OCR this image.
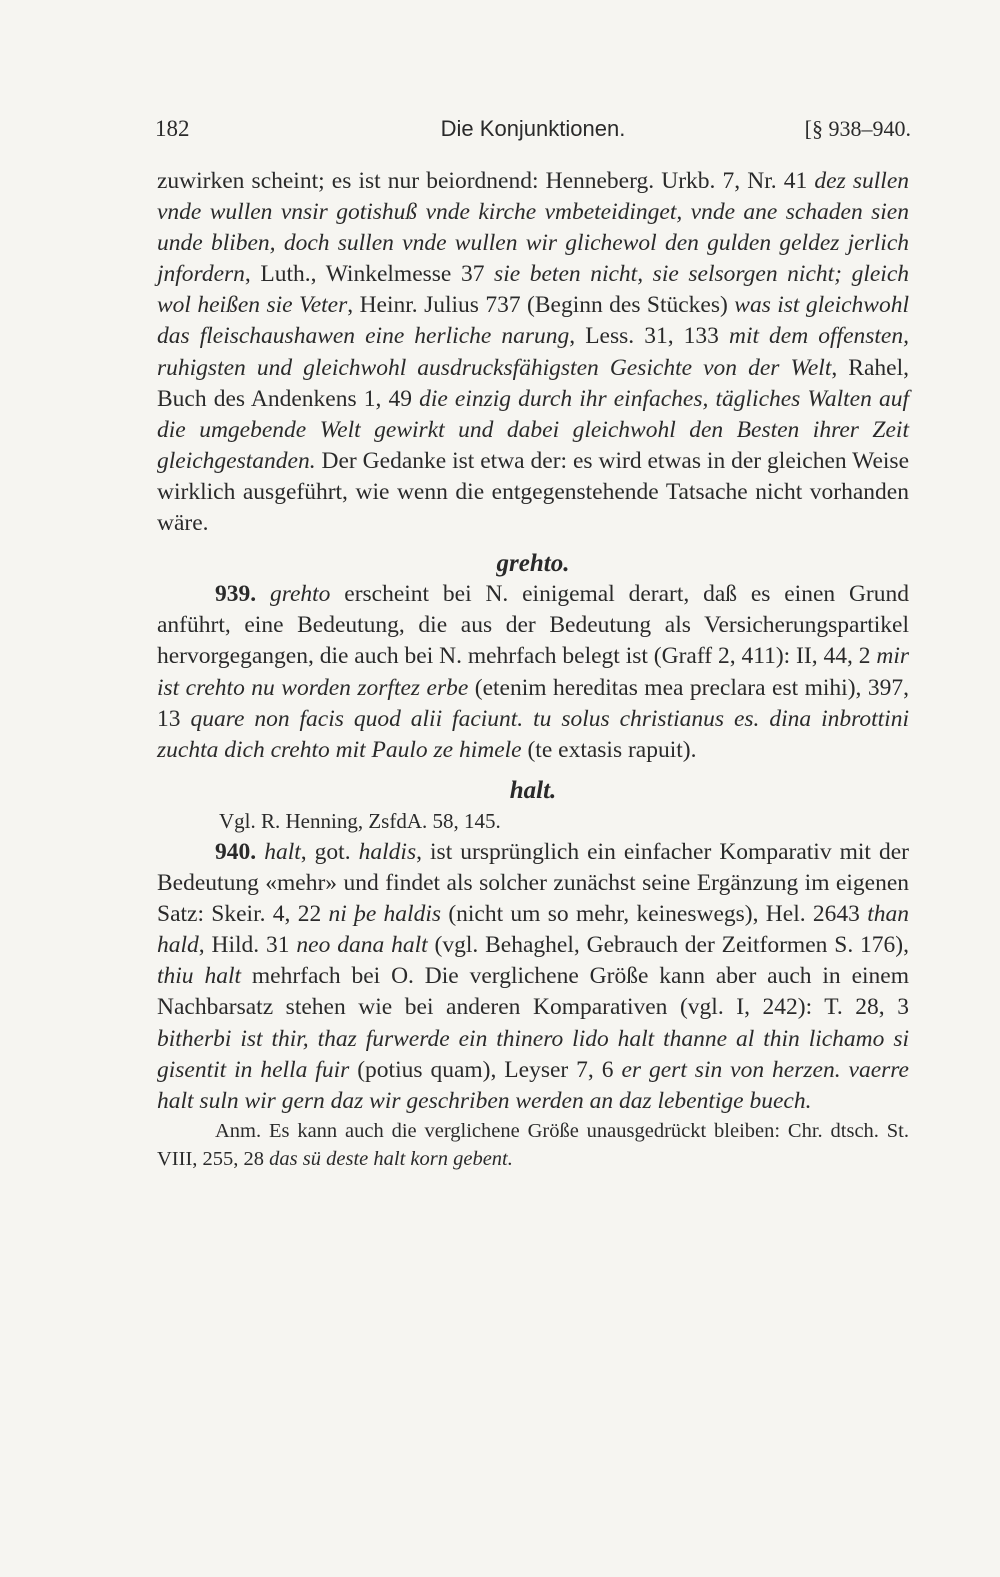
182	Die Konjunktionen.	[§ 938–940.

zuwirken scheint; es ist nur beiordnend: Henneberg. Urkb. 7, Nr. 41 dez sullen vnde wullen vnsir gotishuß vnde kirche vmbeteidinget, vnde ane schaden sien unde blіben, doch sullen vnde wullen wir glichewol den gulden geldez jerlich jnfordern, Luth., Winkelmesse 37 sie beten nicht, sie selsorgen nicht; gleich wol heißen sie Veter, Heinr. Julius 737 (Beginn des Stückes) was ist gleichwohl das fleischaushawen eine herliche narung, Less. 31, 133 mit dem offensten, ruhigsten und gleichwohl ausdrucksfähigsten Gesichte von der Welt, Rahel, Buch des Andenkens 1, 49 die einzig durch ihr einfaches, tägliches Walten auf die umgebende Welt gewirkt und dabei gleichwohl den Besten ihrer Zeit gleichgestanden. Der Gedanke ist etwa der: es wird etwas in der gleichen Weise wirklich ausgeführt, wie wenn die entgegenstehende Tatsache nicht vorhanden wäre.

grehto.

939. grehto erscheint bei N. einigemal derart, daß es einen Grund anführt, eine Bedeutung, die aus der Bedeutung als Versicherungspartikel hervorgegangen, die auch bei N. mehrfach belegt ist (Graff 2, 411): II, 44, 2 mir ist crehto nu worden zorftez erbe (etenim hereditas mea preclara est mihi), 397, 13 quare non facis quod alii faciunt. tu solus christianus es. dina inbrottini zuchta dich crehto mit Paulo ze himele (te extasis rapuit).

halt.

Vgl. R. Henning, ZsfdA. 58, 145.

940. halt, got. haldis, ist ursprünglich ein einfacher Komparativ mit der Bedeutung «mehr» und findet als solcher zunächst seine Ergänzung im eigenen Satz: Skeir. 4, 22 ni þe haldis (nicht um so mehr, keineswegs), Hel. 2643 than hald, Hild. 31 neo dana halt (vgl. Behaghel, Gebrauch der Zeitformen S. 176), thiu halt mehrfach bei O. Die verglichene Größe kann aber auch in einem Nachbarsatz stehen wie bei anderen Komparativen (vgl. I, 242): T. 28, 3 bitherbi ist thir, thaz furwerde ein thinero lido halt thanne al thin lichamo si gisentit in hella fuir (potius quam), Leyser 7, 6 er gert sin von herzen. vaerre halt suln wir gern daz wir geschriben werden an daz lebentige buech.

Anm. Es kann auch die verglichene Größe unausgedrückt bleiben: Chr. dtsch. St. VIII, 255, 28 das sü deste halt korn gebent.
